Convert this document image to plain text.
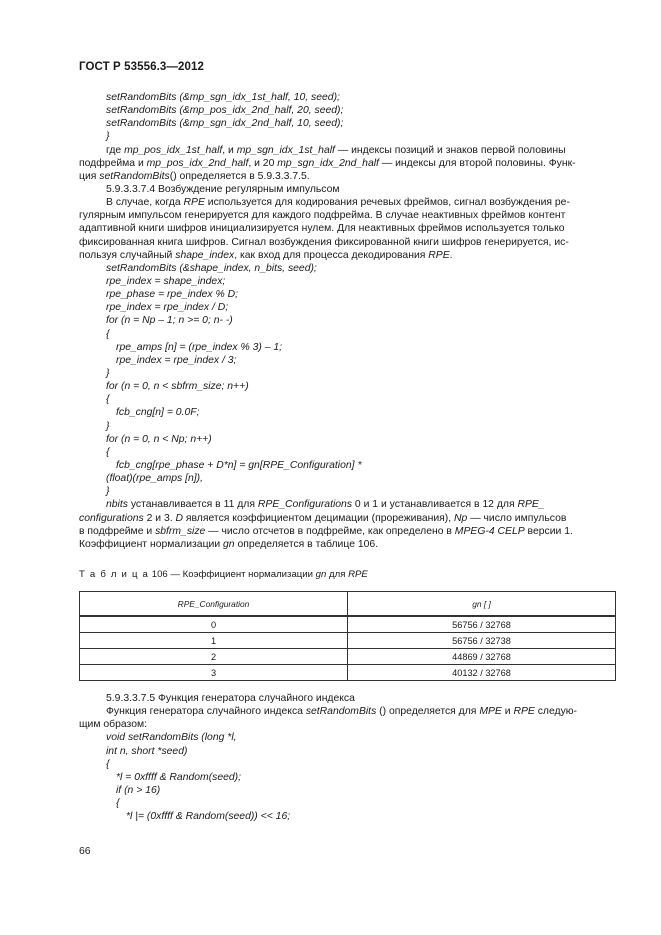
ГОСТ Р 53556.3—2012
setRandomBits (&mp_sgn_idx_1st_half, 10, seed);
setRandomBits (&mp_pos_idx_2nd_half, 20, seed);
setRandomBits (&mp_sgn_idx_2nd_half, 10, seed);
}
где mp_pos_idx_1st_half, и mp_sgn_idx_1st_half — индексы позиций и знаков первой половины
подфрейма и mp_pos_idx_2nd_half, и 20 mp_sgn_idx_2nd_half — индексы для второй половины. Функ-
ция setRandomBits() определяется в 5.9.3.3.7.5.
5.9.3.3.7.4 Возбуждение регулярным импульсом
В случае, когда RPE используется для кодирования речевых фреймов, сигнал возбуждения ре-
гулярным импульсом генерируется для каждого подфрейма. В случае неактивных фреймов контент
адаптивной книги шифров инициализируется нулем. Для неактивных фреймов используется только
фиксированная книга шифров. Сигнал возбуждения фиксированной книги шифров генерируется, ис-
пользуя случайный shape_index, как вход для процесса декодирования RPE.
setRandomBits (&shape_index, n_bits, seed);
rpe_index = shape_index;
rpe_phase = rpe_index % D;
rpe_index = rpe_index / D;
for (n = Np – 1; n >= 0; n- -)
{
rpe_amps [n] = (rpe_index % 3) – 1;
rpe_index = rpe_index / 3;
}
for (n = 0, n < sbfrm_size; n++)
{
fcb_cng[n] = 0.0F;
}
for (n = 0, n < Np; n++)
{
fcb_cng[rpe_phase + D*n] = gn[RPE_Configuration] *
(float)(rpe_amps [n]),
}
nbits устанавливается в 11 для RPE_Configurations 0 и 1 и устанавливается в 12 для RPE_
configurations 2 и 3. D является коэффициентом децимации (прореживания), Np — число импульсов
в подфрейме и sbfrm_size — число отсчетов в подфрейме, как определено в MPEG-4 CELP версии 1.
Коэффициент нормализации gn определяется в таблице 106.
Т а б л и ц а 106 — Коэффициент нормализации gn для RPE
RPE_Configuration	gn [ ]
0	56756 / 32768
1	56756 / 32738
2	44869 / 32768
3	40132 / 32768
5.9.3.3.7.5 Функция генератора случайного индекса
Функция генератора случайного индекса setRandomBits () определяется для MPE и RPE следую-
щим образом:
void setRandomBits (long *l,
int n, short *seed)
{
*l = 0xffff & Random(seed);
if (n > 16)
{
*l |= (0xffff & Random(seed)) << 16;
66
